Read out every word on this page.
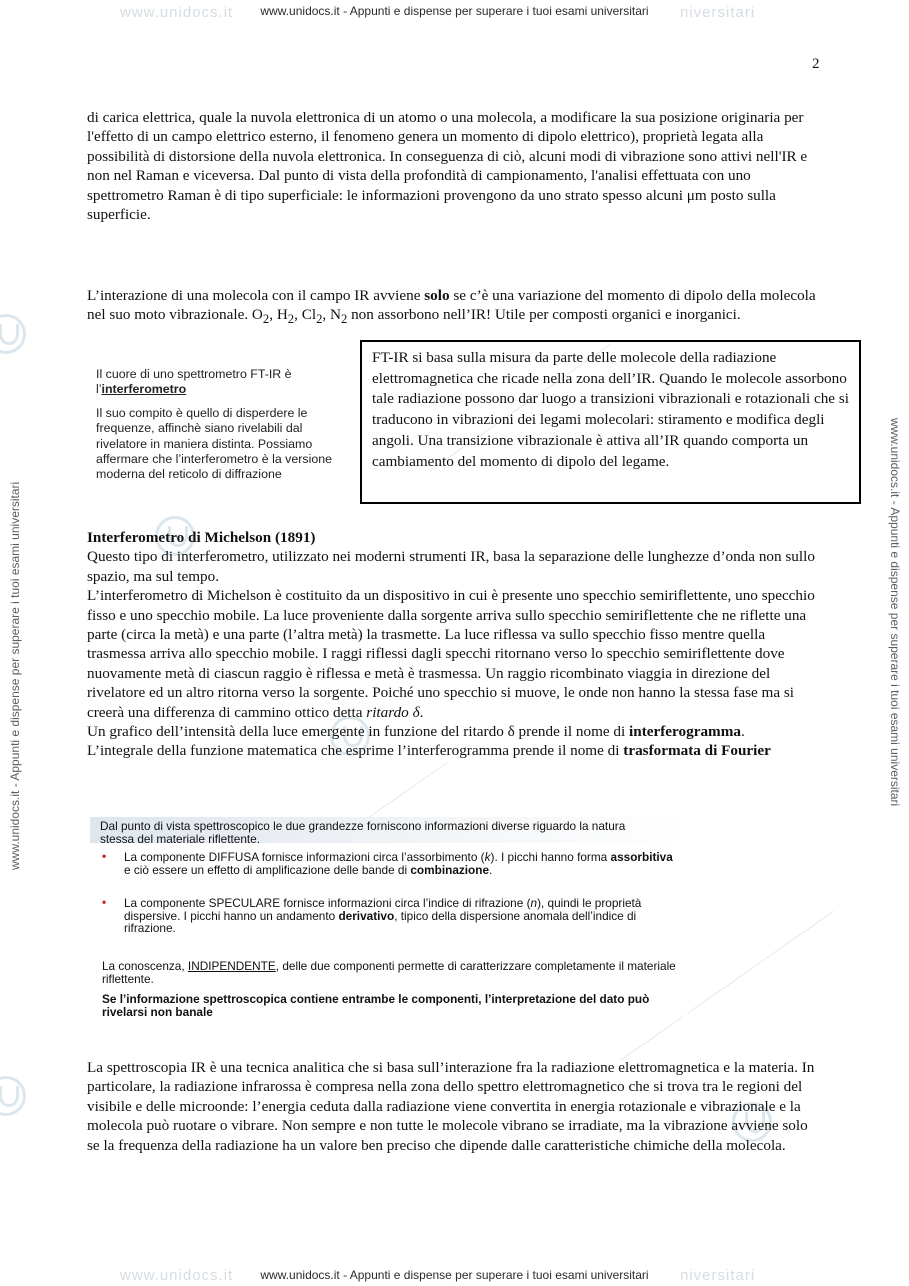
www.unidocs.it	niversitari
www.unidocs.it - Appunti e dispense per superare i tuoi esami universitari
www.unidocs.it	niversitari
www.unidocs.it - Appunti e dispense per superare i tuoi esami universitari
www.unidocs.it - Appunti e dispense per superare i tuoi esami universitari	www.unidocs.it - Appunti e dispense per superare i tuoi esami universitari
2

di carica elettrica, quale la nuvola elettronica di un atomo o una molecola, a modificare la sua posizione originaria per l'effetto di un campo elettrico esterno, il fenomeno genera un momento di dipolo elettrico), proprietà legata alla possibilità di distorsione della nuvola elettronica. In conseguenza di ciò, alcuni modi di vibrazione sono attivi nell'IR e non nel Raman e viceversa. Dal punto di vista della profondità di campionamento, l'analisi effettuata con uno spettrometro Raman è di tipo superficiale: le informazioni provengono da uno strato spesso alcuni μm posto sulla superficie.

L’interazione di una molecola con il campo IR avviene solo se c’è una variazione del momento di dipolo della molecola nel suo moto vibrazionale. $O_2$, $H_2$, $Cl_2$, $N_2$ non assorbono nell’IR! Utile per composti organici e inorganici.

Il cuore di uno spettrometro FT-IR è l’interferometro

Il suo compito è quello di disperdere le frequenze, affinchè siano rivelabili dal rivelatore in maniera distinta. Possiamo affermare che l’interferometro è la versione moderna del reticolo di diffrazione

FT-IR si basa sulla misura da parte delle molecole della radiazione elettromagnetica che ricade nella zona dell’IR. Quando le molecole assorbono tale radiazione possono dar luogo a transizioni vibrazionali e rotazionali che si traducono in vibrazioni dei legami molecolari: stiramento e modifica degli angoli. Una transizione vibrazionale è attiva all’IR quando comporta un cambiamento del momento di dipolo del legame.
Interferometro di Michelson (1891)
Questo tipo di interferometro, utilizzato nei moderni strumenti IR, basa la separazione delle lunghezze d’onda non sullo spazio, ma sul tempo.
L’interferometro di Michelson è costituito da un dispositivo in cui è presente uno specchio semiriflettente, uno specchio fisso e uno specchio mobile. La luce proveniente dalla sorgente arriva sullo specchio semiriflettente che ne riflette una parte (circa la metà) e una parte (l’altra metà) la trasmette. La luce riflessa va sullo specchio fisso mentre quella trasmessa arriva allo specchio mobile. I raggi riflessi dagli specchi ritornano verso lo specchio semiriflettente dove nuovamente metà di ciascun raggio è riflessa e metà è trasmessa. Un raggio ricombinato viaggia in direzione del rivelatore ed un altro ritorna verso la sorgente. Poiché uno specchio si muove, le onde non hanno la stessa fase ma si creerà una differenza di cammino ottico detta ritardo δ.
Un grafico dell’intensità della luce emergente in funzione del ritardo δ prende il nome di interferogramma.
L’integrale della funzione matematica che esprime l’interferogramma prende il nome di trasformata di Fourier
Dal punto di vista spettroscopico le due grandezze forniscono informazioni diverse riguardo la natura stessa del materiale riflettente.
• La componente DIFFUSA fornisce informazioni circa l’assorbimento (k). I picchi hanno forma assorbitiva e ciò essere un effetto di amplificazione delle bande di combinazione.
• La componente SPECULARE fornisce informazioni circa l’indice di rifrazione (n), quindi le proprietà dispersive. I picchi hanno un andamento derivativo, tipico della dispersione anomala dell’indice di rifrazione.
La conoscenza, INDIPENDENTE, delle due componenti permette di caratterizzare completamente il materiale riflettente.
Se l’informazione spettroscopica contiene entrambe le componenti, l’interpretazione del dato può rivelarsi non banale

La spettroscopia IR è una tecnica analitica che si basa sull’interazione fra la radiazione elettromagnetica e la materia. In particolare, la radiazione infrarossa è compresa nella zona dello spettro elettromagnetico che si trova tra le regioni del visibile e delle microonde: l’energia ceduta dalla radiazione viene convertita in energia rotazionale e vibrazionale e la molecola può ruotare o vibrare. Non sempre e non tutte le molecole vibrano se irradiate, ma la vibrazione avviene solo se la frequenza della radiazione ha un valore ben preciso che dipende dalle caratteristiche chimiche della molecola.
